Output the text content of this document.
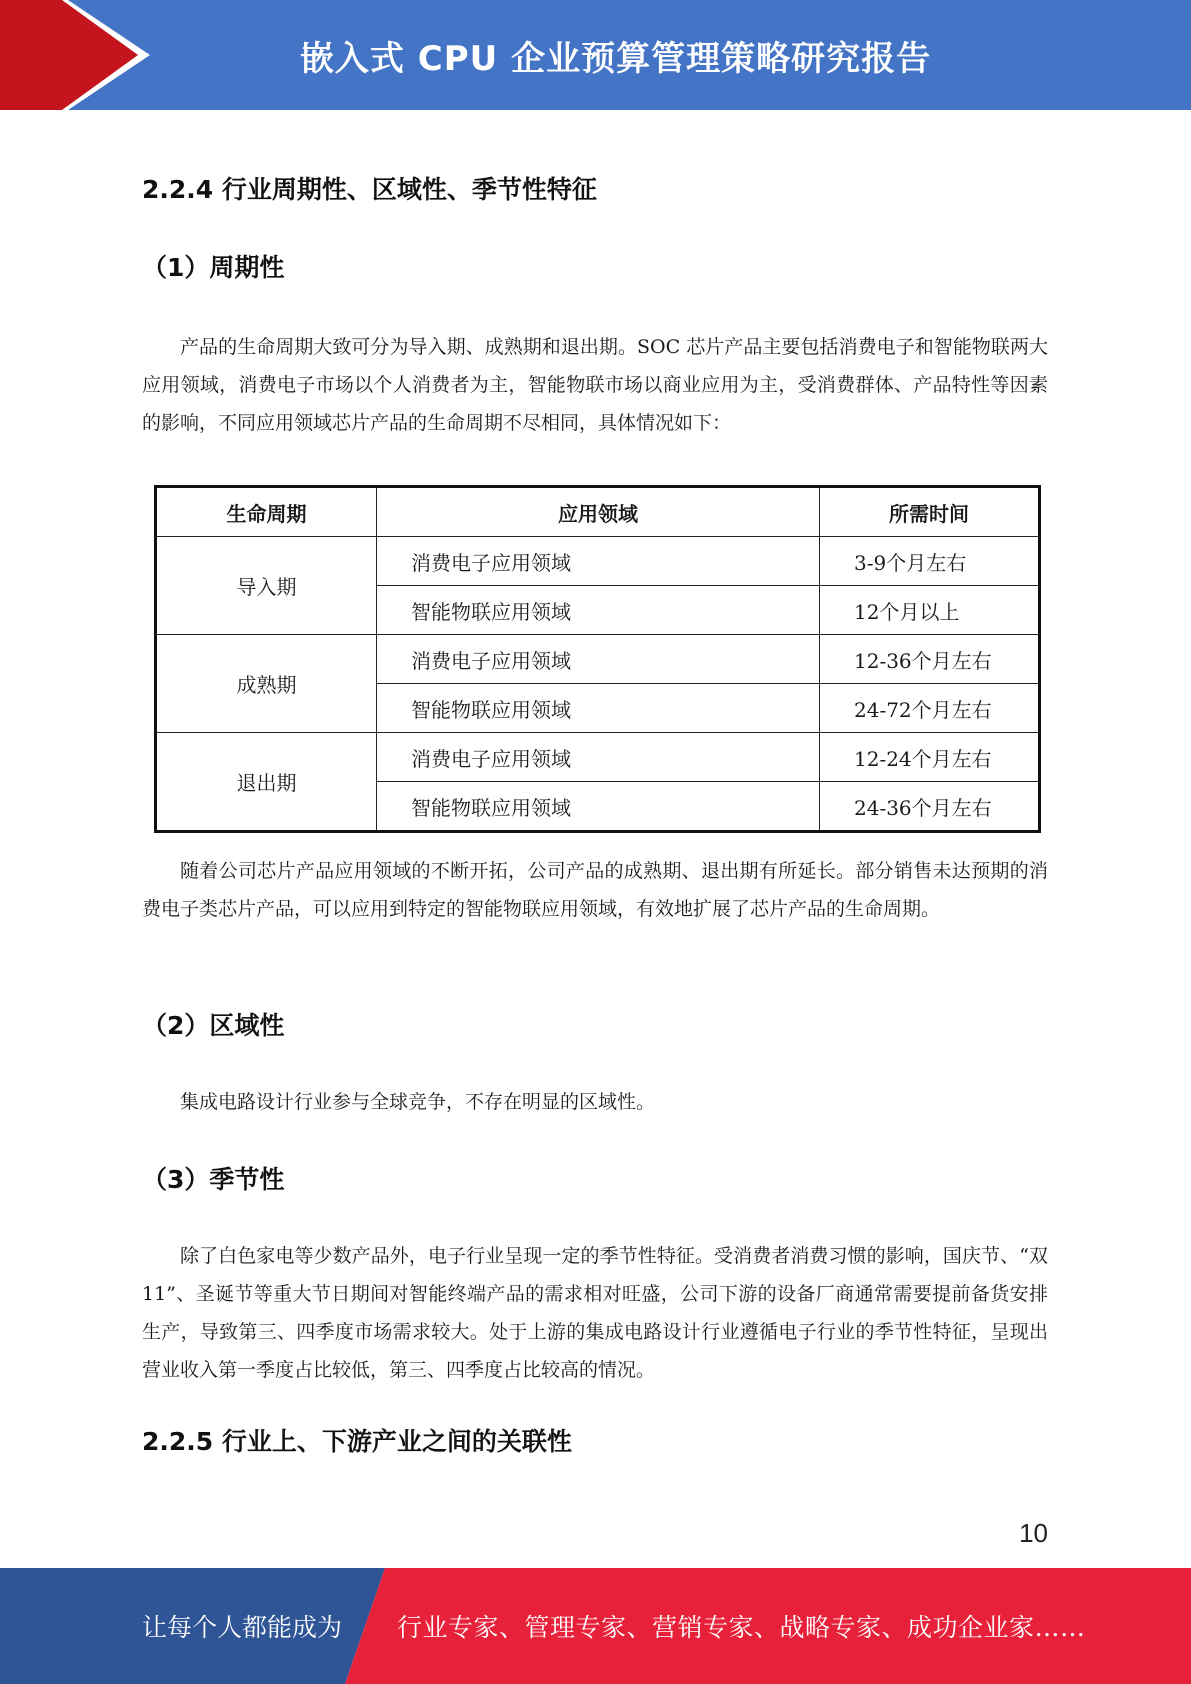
嵌入式 CPU 企业预算管理策略研究报告
2.2.4 行业周期性、区域性、季节性特征
（1）周期性
产品的生命周期大致可分为导入期、成熟期和退出期。SOC 芯片产品主要包括消费电子和智能物联两大应用领域，消费电子市场以个人消费者为主，智能物联市场以商业应用为主，受消费群体、产品特性等因素的影响，不同应用领域芯片产品的生命周期不尽相同，具体情况如下：
生命周期	应用领域	所需时间
导入期	消费电子应用领域	3-9个月左右
	智能物联应用领域	12个月以上
成熟期	消费电子应用领域	12-36个月左右
	智能物联应用领域	24-72个月左右
退出期	消费电子应用领域	12-24个月左右
	智能物联应用领域	24-36个月左右
随着公司芯片产品应用领域的不断开拓，公司产品的成熟期、退出期有所延长。部分销售未达预期的消费电子类芯片产品，可以应用到特定的智能物联应用领域，有效地扩展了芯片产品的生命周期。
（2）区域性
集成电路设计行业参与全球竞争，不存在明显的区域性。
（3）季节性
除了白色家电等少数产品外，电子行业呈现一定的季节性特征。受消费者消费习惯的影响，国庆节、“双 11”、圣诞节等重大节日期间对智能终端产品的需求相对旺盛，公司下游的设备厂商通常需要提前备货安排生产，导致第三、四季度市场需求较大。处于上游的集成电路设计行业遵循电子行业的季节性特征，呈现出营业收入第一季度占比较低，第三、四季度占比较高的情况。
2.2.5 行业上、下游产业之间的关联性
10
让每个人都能成为 行业专家、管理专家、营销专家、战略专家、成功企业家……
